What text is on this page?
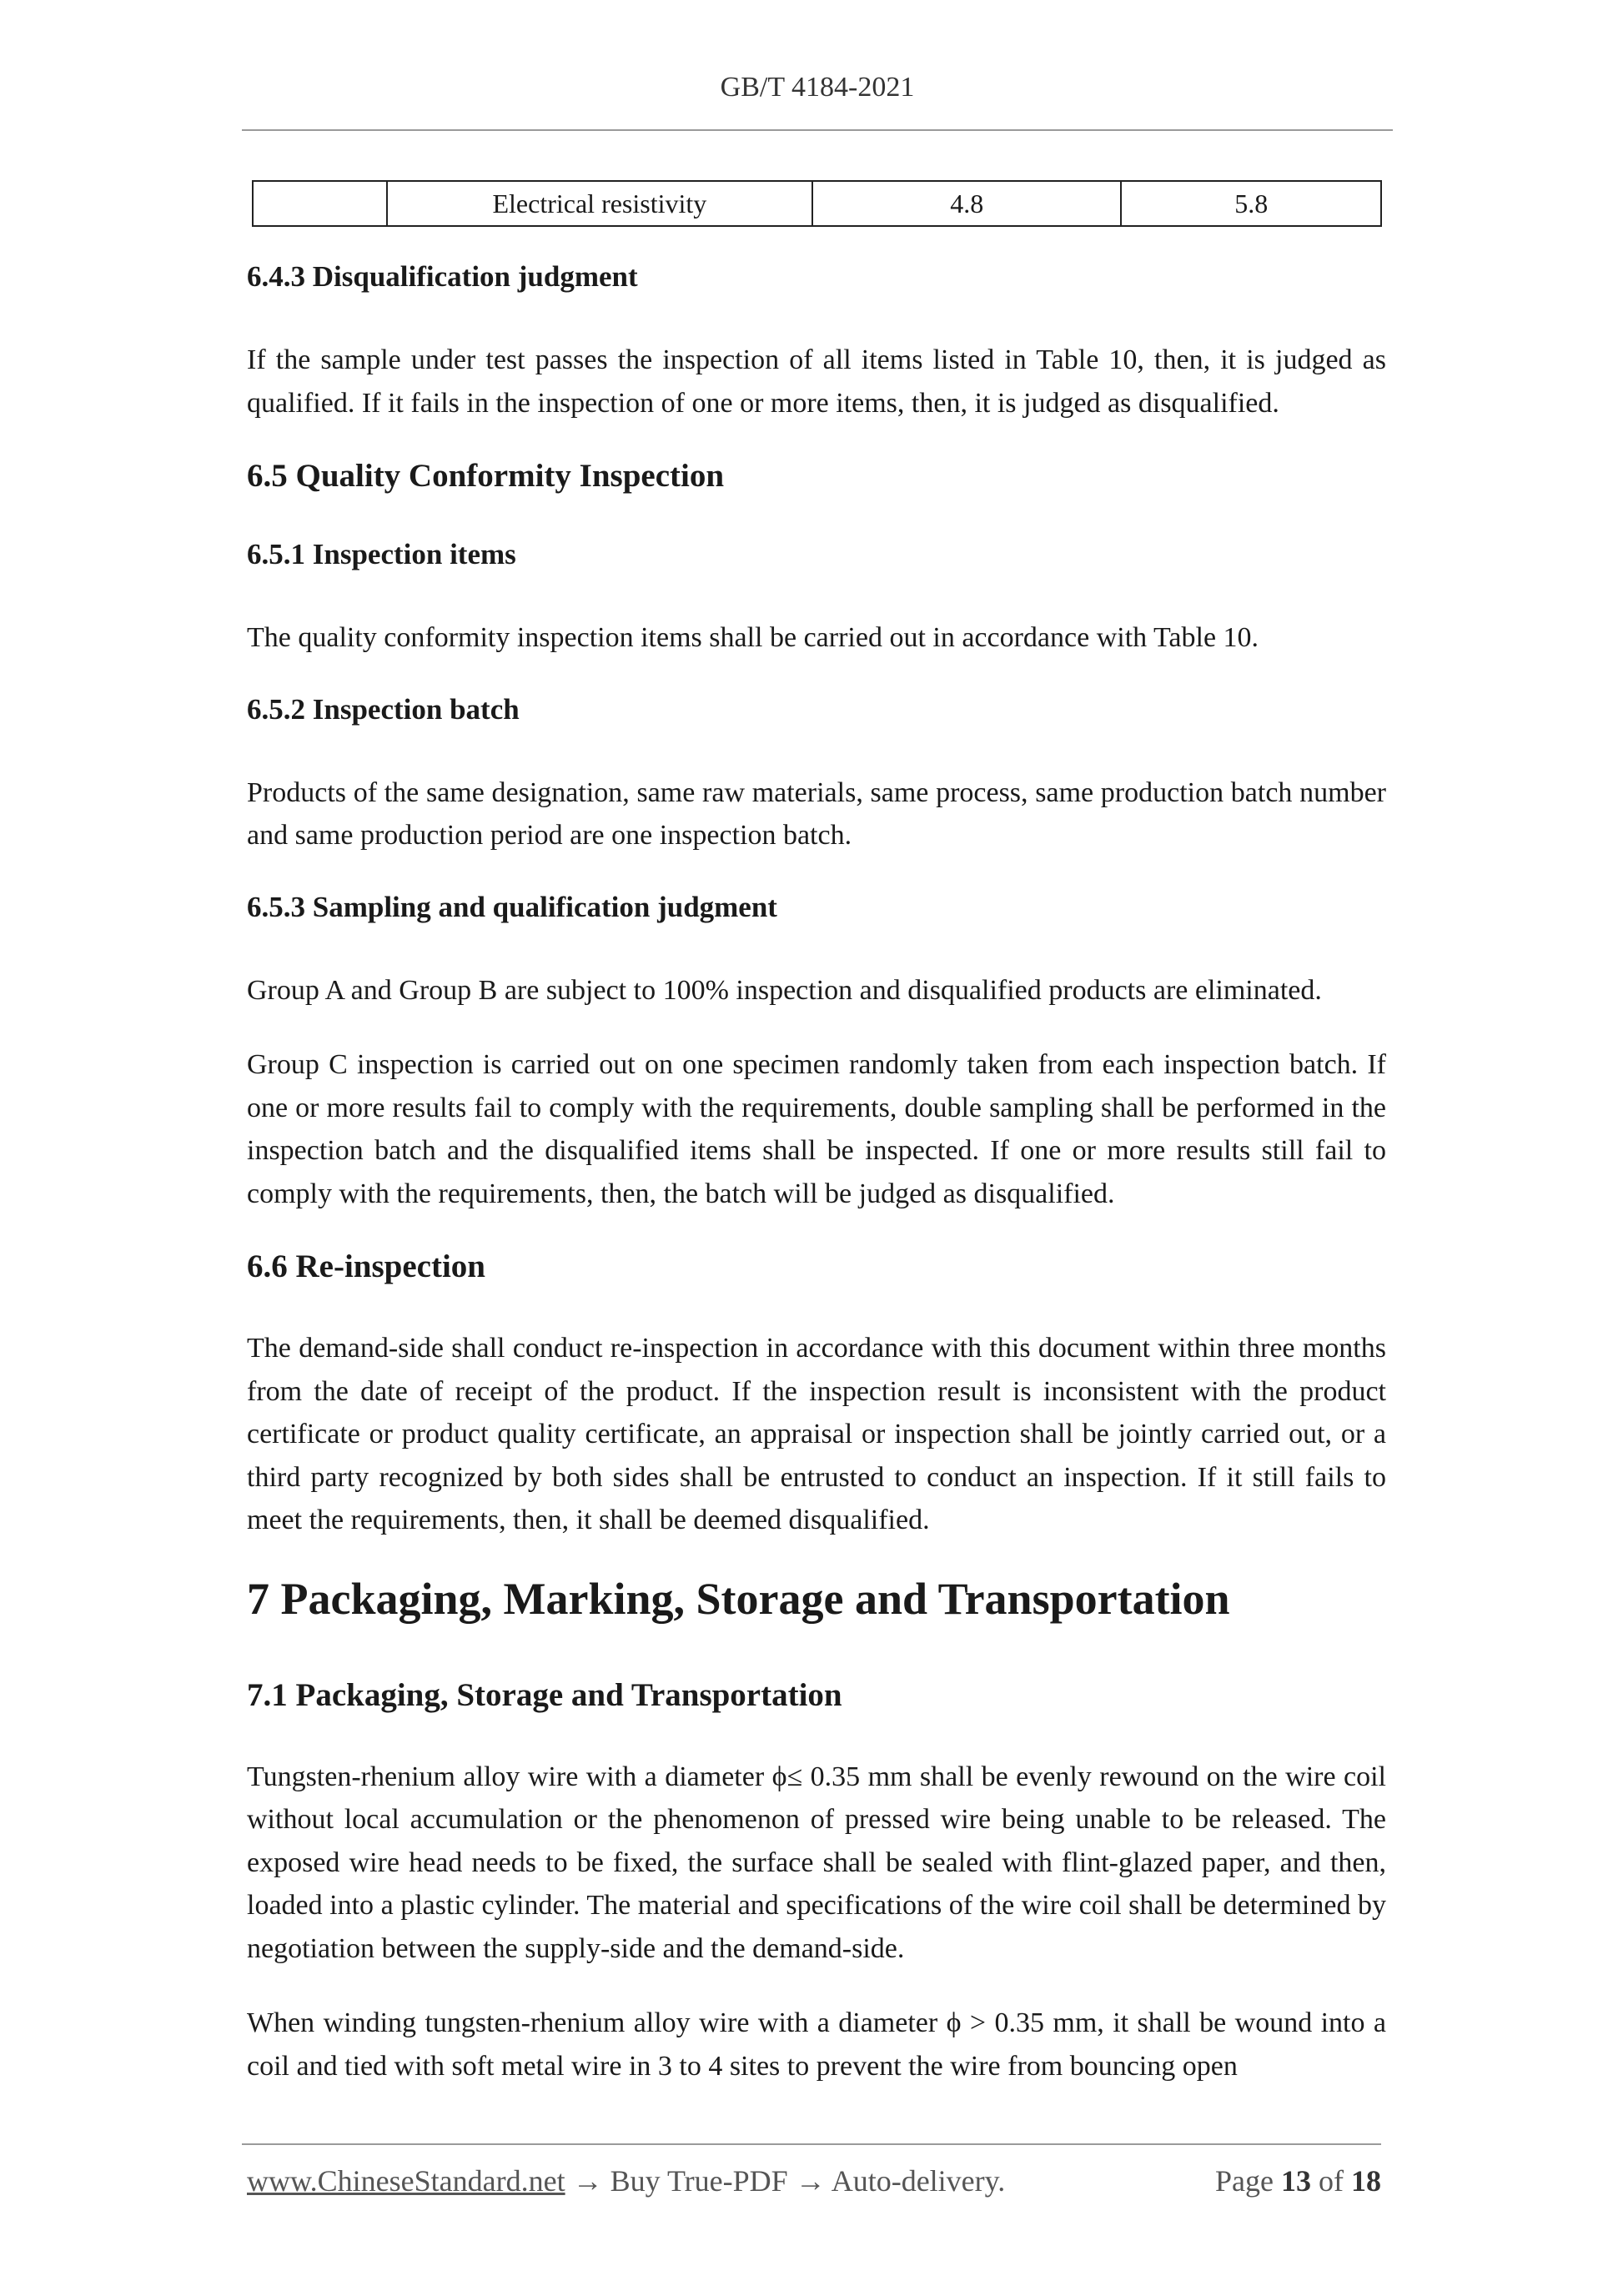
GB/T 4184-2021
	Electrical resistivity	4.8	5.8
6.4.3 Disqualification judgment

If the sample under test passes the inspection of all items listed in Table 10, then, it is judged as qualified. If it fails in the inspection of one or more items, then, it is judged as disqualified.

6.5 Quality Conformity Inspection
6.5.1 Inspection items

The quality conformity inspection items shall be carried out in accordance with Table 10.

6.5.2 Inspection batch

Products of the same designation, same raw materials, same process, same production batch number and same production period are one inspection batch.

6.5.3 Sampling and qualification judgment

Group A and Group B are subject to 100% inspection and disqualified products are eliminated.

Group C inspection is carried out on one specimen randomly taken from each inspection batch. If one or more results fail to comply with the requirements, double sampling shall be performed in the inspection batch and the disqualified items shall be inspected. If one or more results still fail to comply with the requirements, then, the batch will be judged as disqualified.

6.6 Re-inspection

The demand-side shall conduct re-inspection in accordance with this document within three months from the date of receipt of the product. If the inspection result is inconsistent with the product certificate or product quality certificate, an appraisal or inspection shall be jointly carried out, or a third party recognized by both sides shall be entrusted to conduct an inspection. If it still fails to meet the requirements, then, it shall be deemed disqualified.

7 Packaging, Marking, Storage and Transportation
7.1 Packaging, Storage and Transportation

Tungsten-rhenium alloy wire with a diameter ϕ≤ 0.35 mm shall be evenly rewound on the wire coil without local accumulation or the phenomenon of pressed wire being unable to be released. The exposed wire head needs to be fixed, the surface shall be sealed with flint-glazed paper, and then, loaded into a plastic cylinder. The material and specifications of the wire coil shall be determined by negotiation between the supply-side and the demand-side.

When winding tungsten-rhenium alloy wire with a diameter ϕ > 0.35 mm, it shall be wound into a coil and tied with soft metal wire in 3 to 4 sites to prevent the wire from bouncing open

www.ChineseStandard.net → Buy True-PDF → Auto-delivery.	Page 13 of 18
